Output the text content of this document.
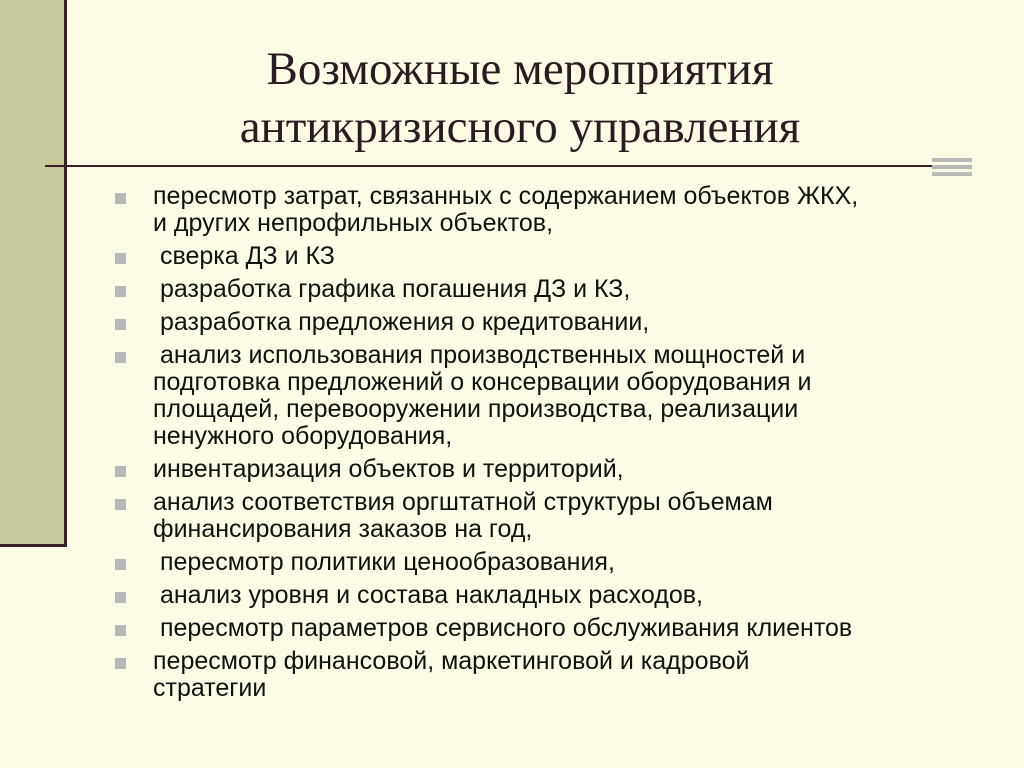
Возможные мероприятия
антикризисного управления
пересмотр затрат, связанных с содержанием объектов ЖКХ,
и других непрофильных объектов,
сверка ДЗ и КЗ
разработка графика погашения ДЗ и КЗ,
разработка предложения о кредитовании,
анализ использования производственных мощностей и
подготовка предложений о консервации оборудования и
площадей, перевооружении производства, реализации
ненужного оборудования,
инвентаризация объектов и территорий,
анализ соответствия оргштатной структуры объемам
финансирования заказов на год,
пересмотр политики ценообразования,
анализ уровня и состава накладных расходов,
пересмотр параметров сервисного обслуживания клиентов
пересмотр финансовой, маркетинговой и кадровой
стратегии
